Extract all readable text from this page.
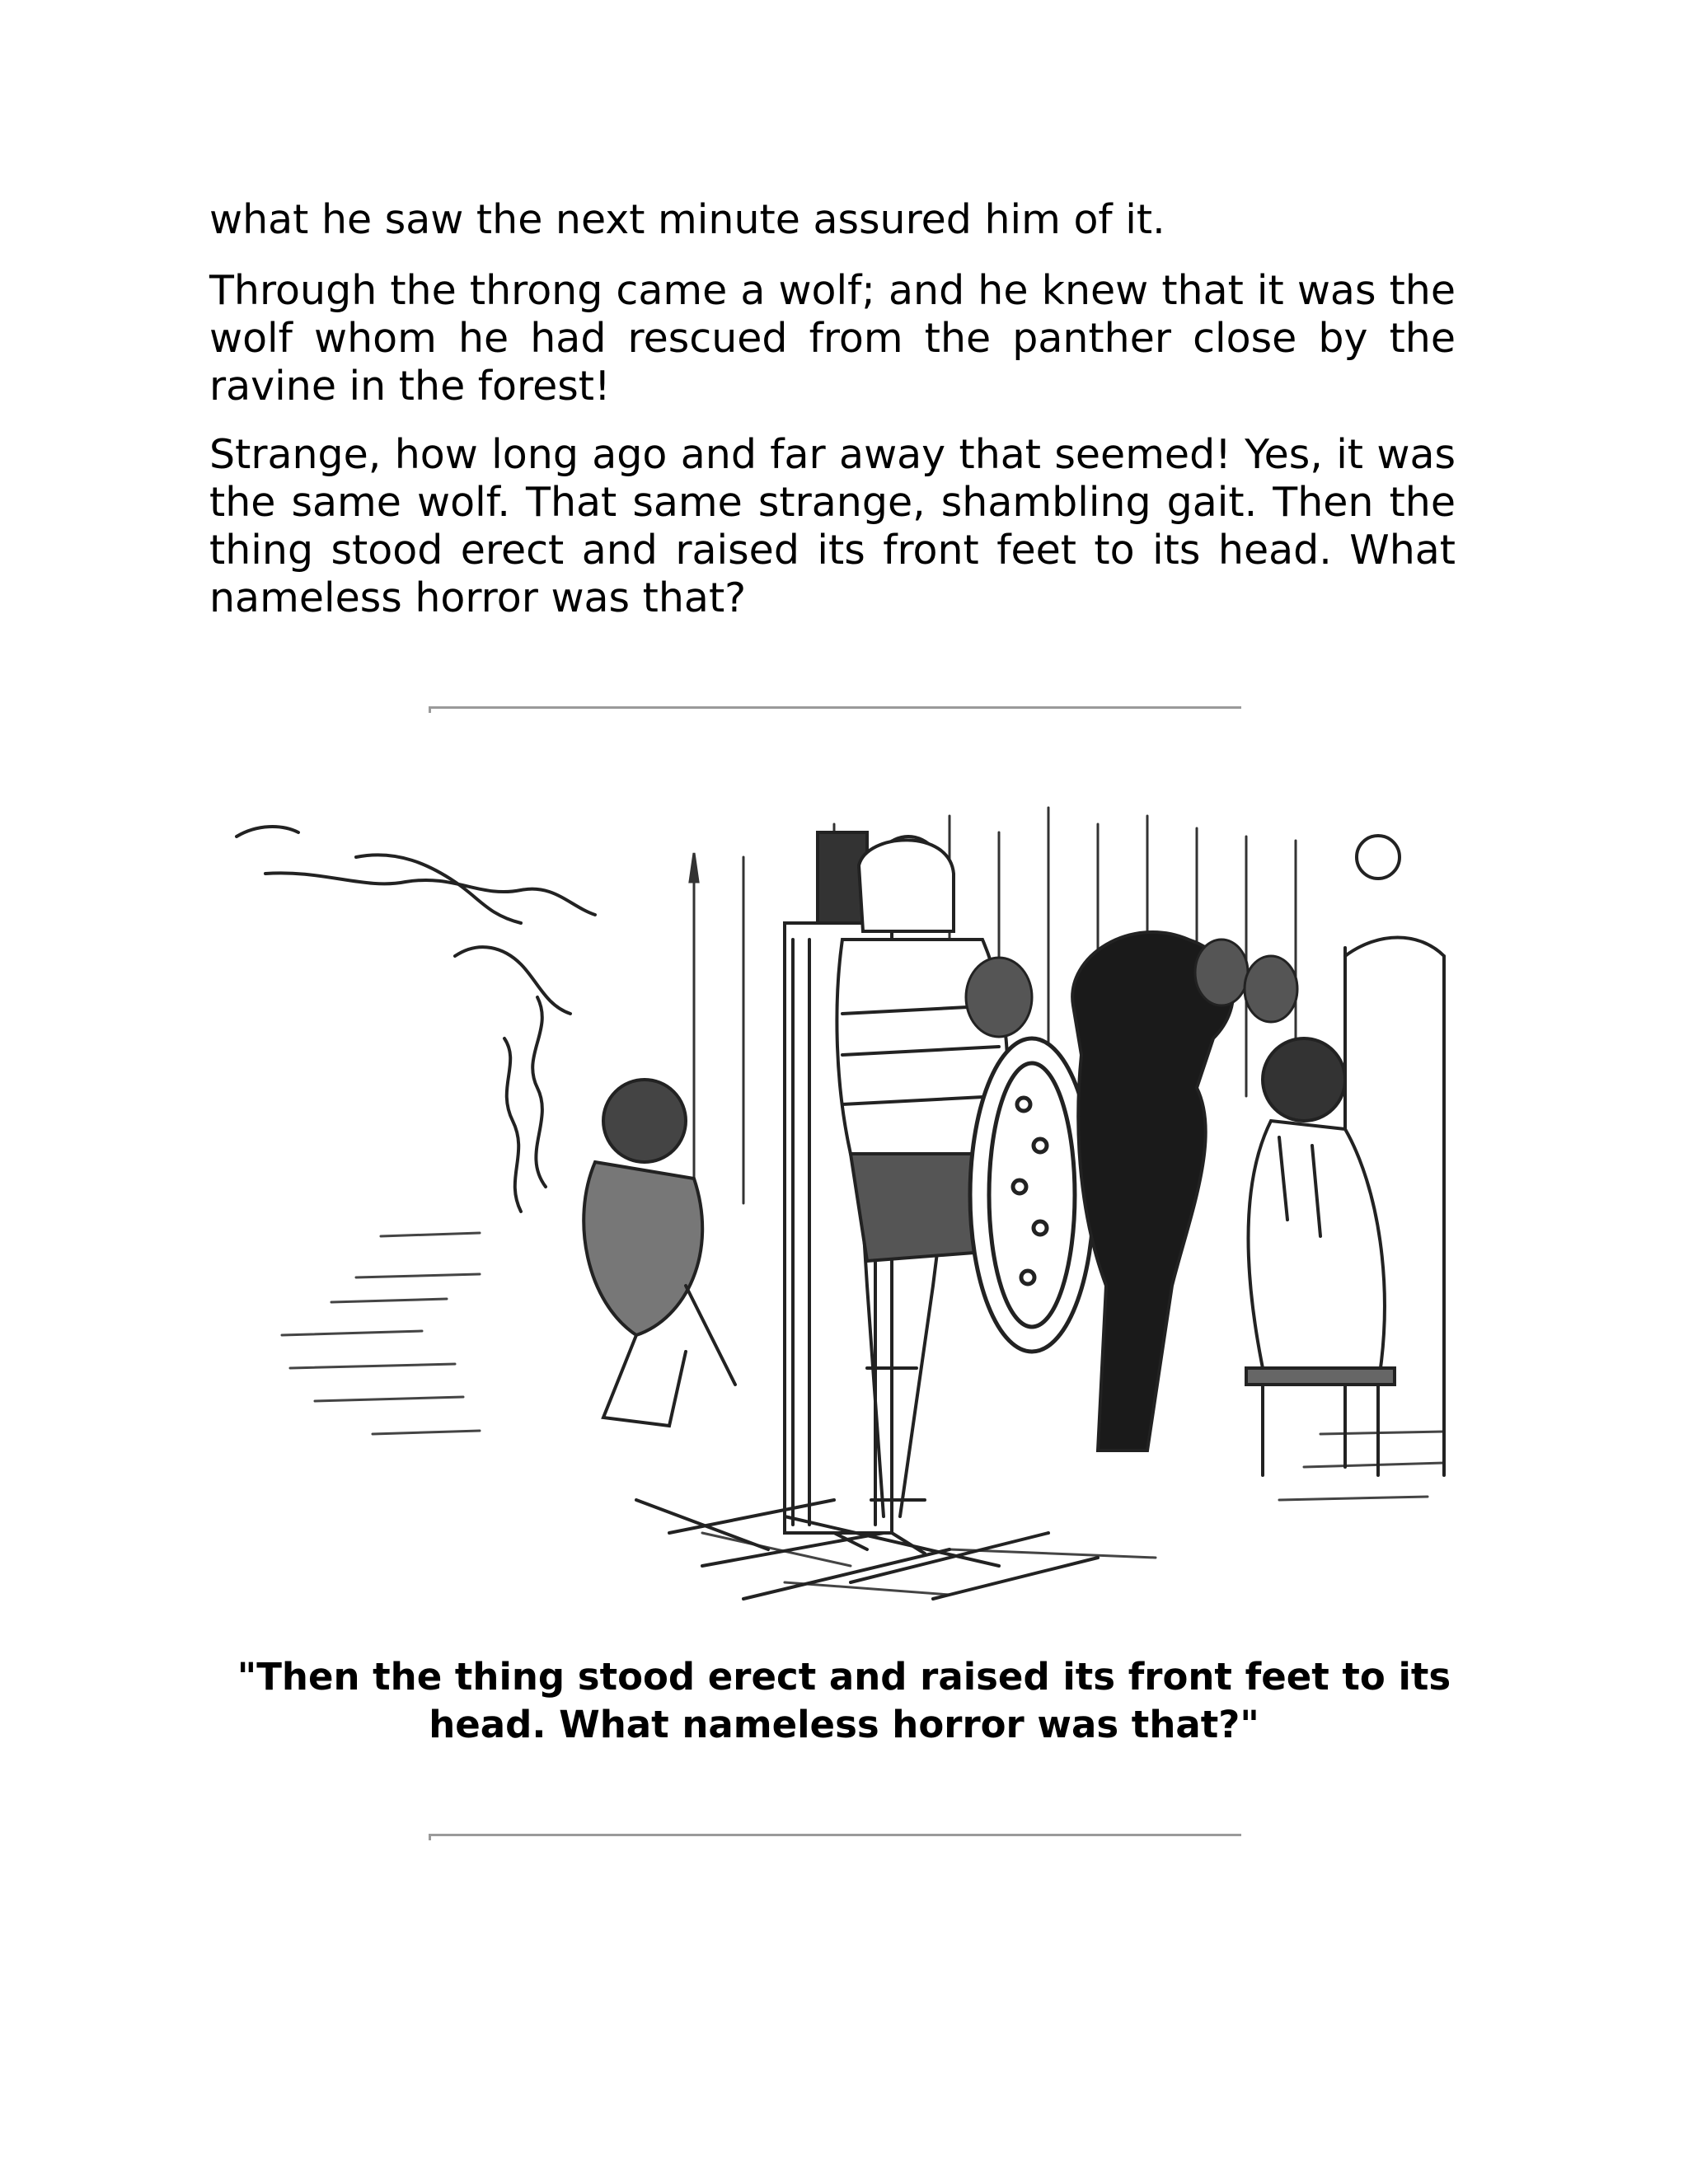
what he saw the next minute assured him of it.

Through the throng came a wolf; and he knew that it was the wolf whom he had rescued from the panther close by the ravine in the forest!

Strange, how long ago and far away that seemed! Yes, it was the same wolf. That same strange, shambling gait. Then the thing stood erect and raised its front feet to its head. What nameless horror was that?

"Then the thing stood erect and raised its front feet to its head. What nameless horror was that?"
